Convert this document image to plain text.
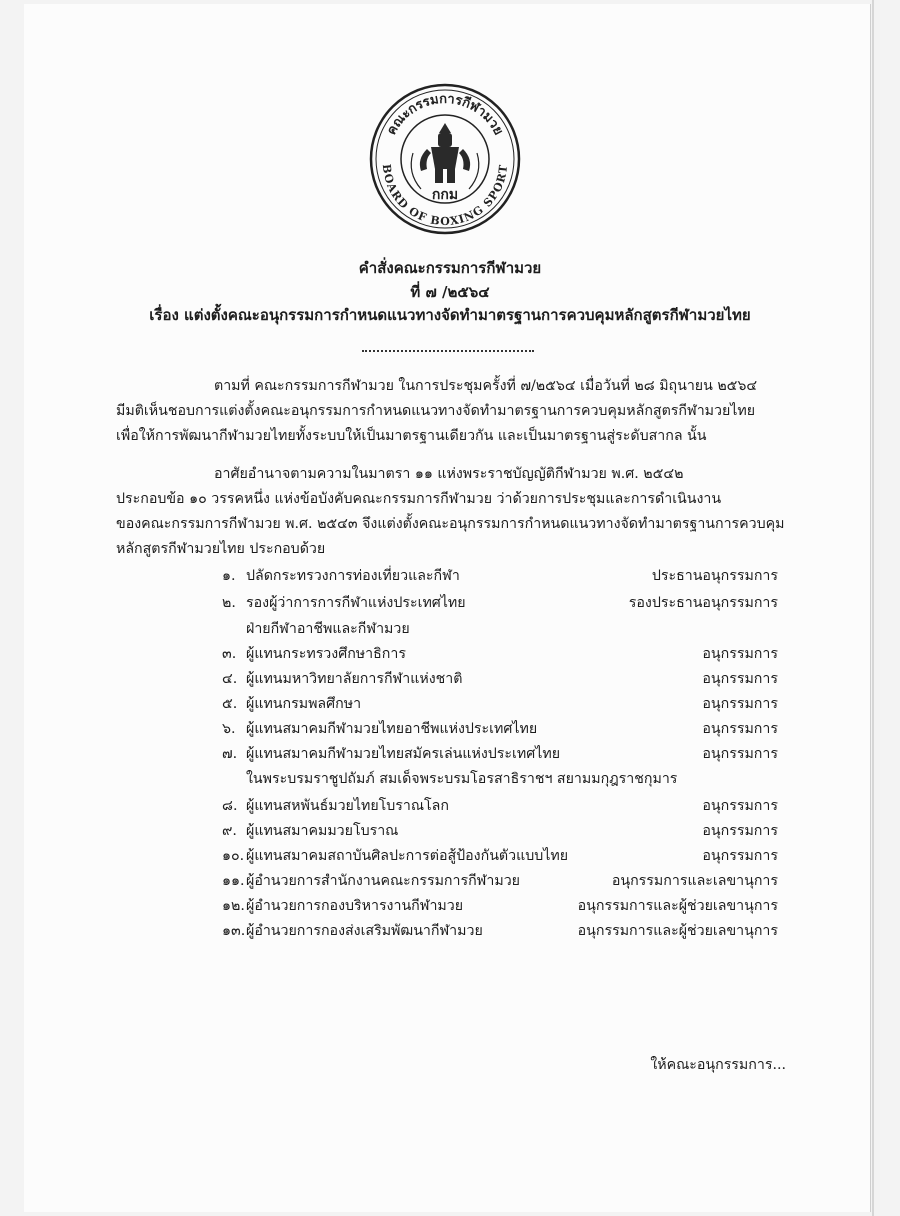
คณะกรรมการกีฬามวย
BOARD OF BOXING SPORT
กกม
คำสั่งคณะกรรมการกีฬามวย
ที่ ๗ /๒๕๖๔
เรื่อง แต่งตั้งคณะอนุกรรมการกำหนดแนวทางจัดทำมาตรฐานการควบคุมหลักสูตรกีฬามวยไทย
ตามที่ คณะกรรมการกีฬามวย ในการประชุมครั้งที่ ๗/๒๕๖๔ เมื่อวันที่ ๒๘ มิถุนายน ๒๕๖๔
มีมติเห็นชอบการแต่งตั้งคณะอนุกรรมการกำหนดแนวทางจัดทำมาตรฐานการควบคุมหลักสูตรกีฬามวยไทย
เพื่อให้การพัฒนากีฬามวยไทยทั้งระบบให้เป็นมาตรฐานเดียวกัน และเป็นมาตรฐานสู่ระดับสากล นั้น
อาศัยอำนาจตามความในมาตรา ๑๑ แห่งพระราชบัญญัติกีฬามวย พ.ศ. ๒๕๔๒
ประกอบข้อ ๑๐ วรรคหนึ่ง แห่งข้อบังคับคณะกรรมการกีฬามวย ว่าด้วยการประชุมและการดำเนินงาน
ของคณะกรรมการกีฬามวย พ.ศ. ๒๕๔๓ จึงแต่งตั้งคณะอนุกรรมการกำหนดแนวทางจัดทำมาตรฐานการควบคุม
หลักสูตรกีฬามวยไทย ประกอบด้วย
๑. ปลัดกระทรวงการท่องเที่ยวและกีฬา	ประธานอนุกรรมการ
๒. รองผู้ว่าการการกีฬาแห่งประเทศไทย	รองประธานอนุกรรมการ
ฝ่ายกีฬาอาชีพและกีฬามวย
๓. ผู้แทนกระทรวงศึกษาธิการ	อนุกรรมการ
๔. ผู้แทนมหาวิทยาลัยการกีฬาแห่งชาติ	อนุกรรมการ
๕. ผู้แทนกรมพลศึกษา	อนุกรรมการ
๖. ผู้แทนสมาคมกีฬามวยไทยอาชีพแห่งประเทศไทย	อนุกรรมการ
๗. ผู้แทนสมาคมกีฬามวยไทยสมัครเล่นแห่งประเทศไทย	อนุกรรมการ
ในพระบรมราชูปถัมภ์ สมเด็จพระบรมโอรสาธิราชฯ สยามมกุฎราชกุมาร
๘. ผู้แทนสหพันธ์มวยไทยโบราณโลก	อนุกรรมการ
๙. ผู้แทนสมาคมมวยโบราณ	อนุกรรมการ
๑๐. ผู้แทนสมาคมสถาบันศิลปะการต่อสู้ป้องกันตัวแบบไทย	อนุกรรมการ
๑๑. ผู้อำนวยการสำนักงานคณะกรรมการกีฬามวย	อนุกรรมการและเลขานุการ
๑๒. ผู้อำนวยการกองบริหารงานกีฬามวย	อนุกรรมการและผู้ช่วยเลขานุการ
๑๓. ผู้อำนวยการกองส่งเสริมพัฒนากีฬามวย	อนุกรรมการและผู้ช่วยเลขานุการ
ให้คณะอนุกรรมการ...
